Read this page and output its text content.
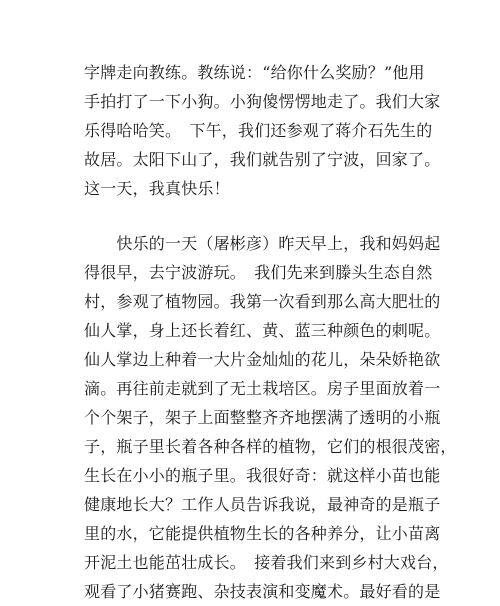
字牌走向教练。教练说：“给你什么奖励？”他用
手拍打了一下小狗。小狗傻愣愣地走了。我们大家
乐得哈哈笑。　下午，我们还参观了蒋介石先生的
故居。太阳下山了，我们就告别了宁波，回家了。
这一天，我真快乐！
　　快乐的一天（屠彬彦）昨天早上，我和妈妈起
得很早，去宁波游玩。　我们先来到滕头生态自然
村，参观了植物园。我第一次看到那么高大肥壮的
仙人掌，身上还长着红、黄、蓝三种颜色的刺呢。
仙人掌边上种着一大片金灿灿的花儿，朵朵娇艳欲
滴。再往前走就到了无土栽培区。房子里面放着一
个个架子，架子上面整整齐齐地摆满了透明的小瓶
子，瓶子里长着各种各样的植物，它们的根很茂密，
生长在小小的瓶子里。我很好奇：就这样小苗也能
健康地长大？工作人员告诉我说，最神奇的是瓶子
里的水，它能提供植物生长的各种养分，让小苗离
开泥土也能茁壮成长。　接着我们来到乡村大戏台，
观看了小猪赛跑、杂技表演和变魔术。最好看的是
